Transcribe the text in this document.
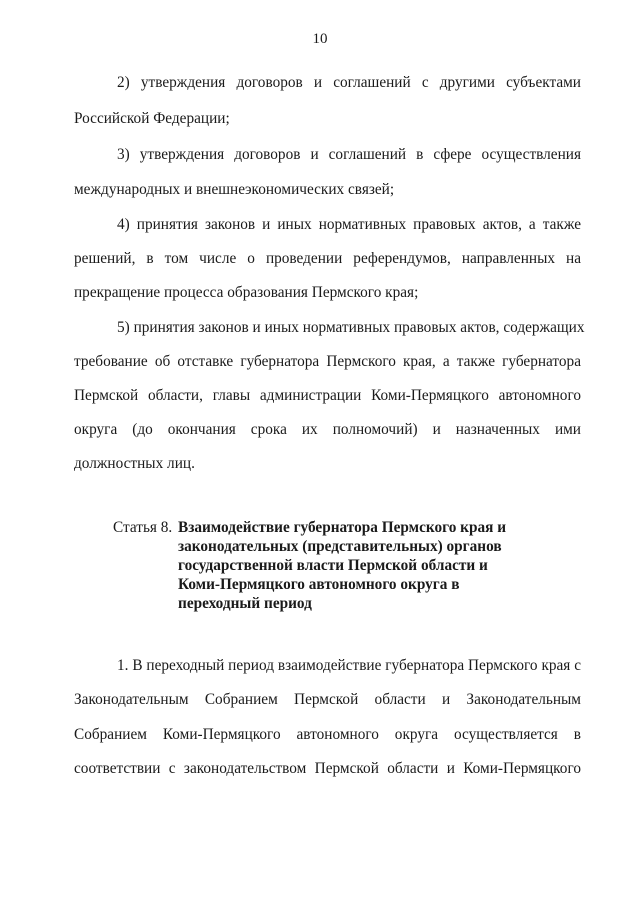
10
2) утверждения договоров и соглашений с другими субъектами
Российской Федерации;
3) утверждения договоров и соглашений в сфере осуществления
международных и внешнеэкономических связей;
4) принятия законов и иных нормативных правовых актов, а также
решений, в том числе о проведении референдумов, направленных на
прекращение процесса образования Пермского края;
5) принятия законов и иных нормативных правовых актов, содержащих
требование об отставке губернатора Пермского края, а также губернатора
Пермской области, главы администрации Коми-Пермяцкого автономного
округа (до окончания срока их полномочий) и назначенных ими
должностных лиц.
Статья 8. Взаимодействие губернатора Пермского края и
законодательных (представительных) органов
государственной власти Пермской области и
Коми-Пермяцкого автономного округа в
переходный период
1. В переходный период взаимодействие губернатора Пермского края с
Законодательным Собранием Пермской области и Законодательным
Собранием Коми-Пермяцкого автономного округа осуществляется в
соответствии с законодательством Пермской области и Коми-Пермяцкого
